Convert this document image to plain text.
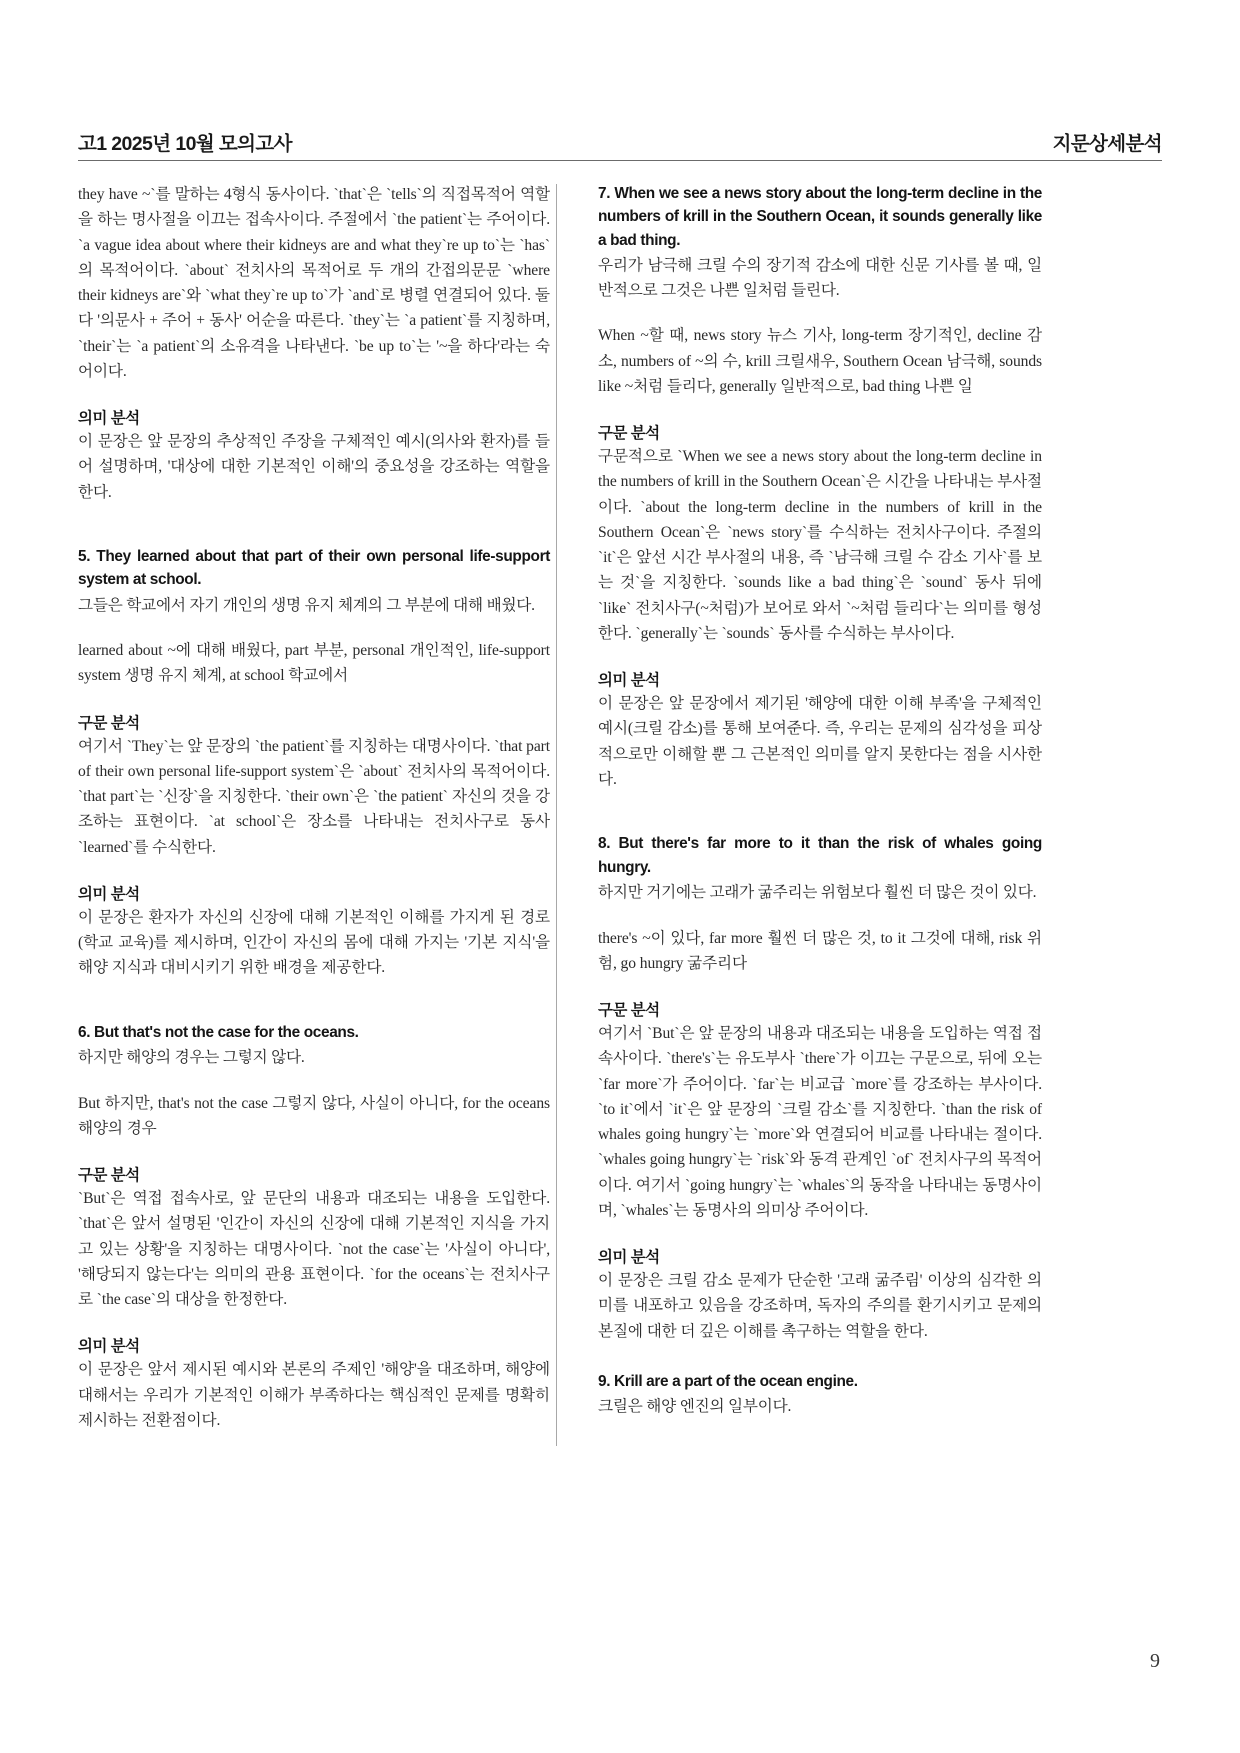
고1 2025년 10월 모의고사	지문상세분석

they have ~`를 말하는 4형식 동사이다. `that`은 `tells`의 직접목적어 역할을 하는 명사절을 이끄는 접속사이다. 주절에서 `the patient`는 주어이다. `a vague idea about where their kidneys are and what they`re up to`는 `has`의 목적어이다. `about` 전치사의 목적어로 두 개의 간접의문문 `where their kidneys are`와 `what they`re up to`가 `and`로 병렬 연결되어 있다. 둘 다 '의문사 + 주어 + 동사' 어순을 따른다. `they`는 `a patient`를 지칭하며, `their`는 `a patient`의 소유격을 나타낸다. `be up to`는 '~을 하다'라는 숙어이다.

의미 분석

이 문장은 앞 문장의 추상적인 주장을 구체적인 예시(의사와 환자)를 들어 설명하며, '대상에 대한 기본적인 이해'의 중요성을 강조하는 역할을 한다.

5. They learned about that part of their own personal life-support system at school.

그들은 학교에서 자기 개인의 생명 유지 체계의 그 부분에 대해 배웠다.

learned about ~에 대해 배웠다, part 부분, personal 개인적인, life-support system 생명 유지 체계, at school 학교에서

구문 분석

여기서 `They`는 앞 문장의 `the patient`를 지칭하는 대명사이다. `that part of their own personal life-support system`은 `about` 전치사의 목적어이다. `that part`는 `신장`을 지칭한다. `their own`은 `the patient` 자신의 것을 강조하는 표현이다. `at school`은 장소를 나타내는 전치사구로 동사 `learned`를 수식한다.

의미 분석

이 문장은 환자가 자신의 신장에 대해 기본적인 이해를 가지게 된 경로(학교 교육)를 제시하며, 인간이 자신의 몸에 대해 가지는 '기본 지식'을 해양 지식과 대비시키기 위한 배경을 제공한다.

6. But that's not the case for the oceans.

하지만 해양의 경우는 그렇지 않다.

But 하지만, that's not the case 그렇지 않다, 사실이 아니다, for the oceans 해양의 경우

구문 분석

`But`은 역접 접속사로, 앞 문단의 내용과 대조되는 내용을 도입한다. `that`은 앞서 설명된 '인간이 자신의 신장에 대해 기본적인 지식을 가지고 있는 상황'을 지칭하는 대명사이다. `not the case`는 '사실이 아니다', '해당되지 않는다'는 의미의 관용 표현이다. `for the oceans`는 전치사구로 `the case`의 대상을 한정한다.

의미 분석

이 문장은 앞서 제시된 예시와 본론의 주제인 '해양'을 대조하며, 해양에 대해서는 우리가 기본적인 이해가 부족하다는 핵심적인 문제를 명확히 제시하는 전환점이다.

7. When we see a news story about the long-term decline in the numbers of krill in the Southern Ocean, it sounds generally like a bad thing.

우리가 남극해 크릴 수의 장기적 감소에 대한 신문 기사를 볼 때, 일반적으로 그것은 나쁜 일처럼 들린다.

When ~할 때, news story 뉴스 기사, long-term 장기적인, decline 감소, numbers of ~의 수, krill 크릴새우, Southern Ocean 남극해, sounds like ~처럼 들리다, generally 일반적으로, bad thing 나쁜 일

구문 분석

구문적으로 `When we see a news story about the long-term decline in the numbers of krill in the Southern Ocean`은 시간을 나타내는 부사절이다. `about the long-term decline in the numbers of krill in the Southern Ocean`은 `news story`를 수식하는 전치사구이다. 주절의 `it`은 앞선 시간 부사절의 내용, 즉 `남극해 크릴 수 감소 기사`를 보는 것`을 지칭한다. `sounds like a bad thing`은 `sound` 동사 뒤에 `like` 전치사구(~처럼)가 보어로 와서 `~처럼 들리다`는 의미를 형성한다. `generally`는 `sounds` 동사를 수식하는 부사이다.

의미 분석

이 문장은 앞 문장에서 제기된 '해양에 대한 이해 부족'을 구체적인 예시(크릴 감소)를 통해 보여준다. 즉, 우리는 문제의 심각성을 피상적으로만 이해할 뿐 그 근본적인 의미를 알지 못한다는 점을 시사한다.

8. But there's far more to it than the risk of whales going hungry.

하지만 거기에는 고래가 굶주리는 위험보다 훨씬 더 많은 것이 있다.

there's ~이 있다, far more 훨씬 더 많은 것, to it 그것에 대해, risk 위험, go hungry 굶주리다

구문 분석

여기서 `But`은 앞 문장의 내용과 대조되는 내용을 도입하는 역접 접속사이다. `there's`는 유도부사 `there`가 이끄는 구문으로, 뒤에 오는 `far more`가 주어이다. `far`는 비교급 `more`를 강조하는 부사이다. `to it`에서 `it`은 앞 문장의 `크릴 감소`를 지칭한다. `than the risk of whales going hungry`는 `more`와 연결되어 비교를 나타내는 절이다. `whales going hungry`는 `risk`와 동격 관계인 `of` 전치사구의 목적어이다. 여기서 `going hungry`는 `whales`의 동작을 나타내는 동명사이며, `whales`는 동명사의 의미상 주어이다.

의미 분석

이 문장은 크릴 감소 문제가 단순한 '고래 굶주림' 이상의 심각한 의미를 내포하고 있음을 강조하며, 독자의 주의를 환기시키고 문제의 본질에 대한 더 깊은 이해를 촉구하는 역할을 한다.

9. Krill are a part of the ocean engine.

크릴은 해양 엔진의 일부이다.

9
